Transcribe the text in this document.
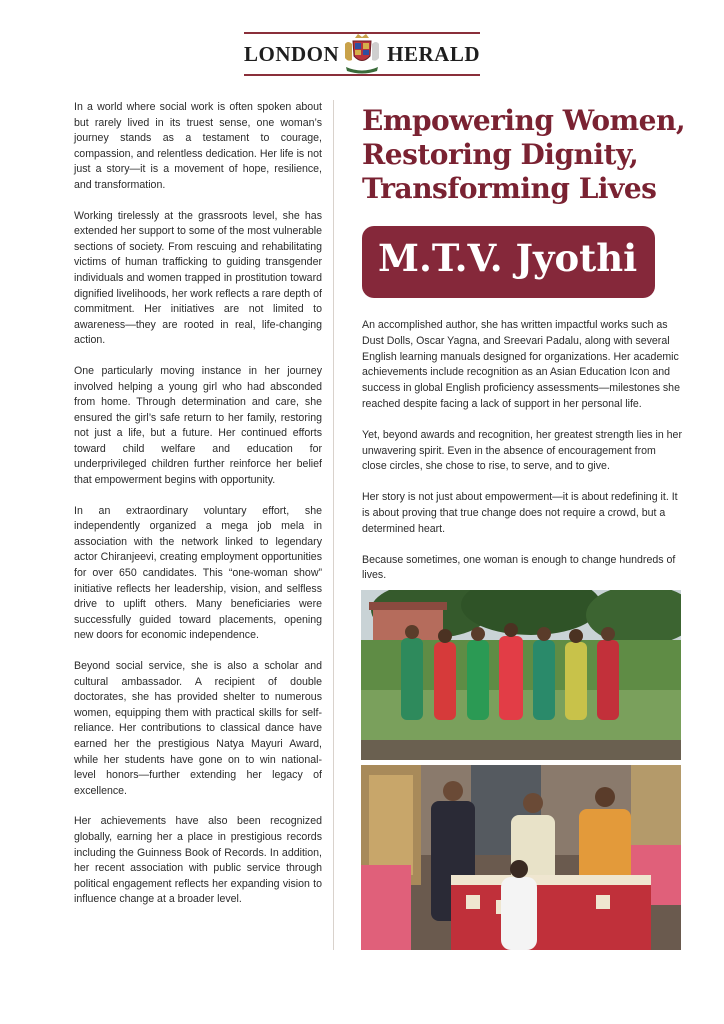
LONDON HERALD

In a world where social work is often spoken about but rarely lived in its truest sense, one woman’s journey stands as a testament to courage, compassion, and relentless dedication. Her life is not just a story—it is a movement of hope, resilience, and transformation.

Working tirelessly at the grassroots level, she has extended her support to some of the most vulnerable sections of society. From rescuing and rehabilitating victims of human trafficking to guiding transgender individuals and women trapped in prostitution toward dignified livelihoods, her work reflects a rare depth of commitment. Her initiatives are not limited to awareness—they are rooted in real, life-changing action.

One particularly moving instance in her journey involved helping a young girl who had absconded from home. Through determination and care, she ensured the girl’s safe return to her family, restoring not just a life, but a future. Her continued efforts toward child welfare and education for underprivileged children further reinforce her belief that empowerment begins with opportunity.

In an extraordinary voluntary effort, she independently organized a mega job mela in association with the network linked to legendary actor Chiranjeevi, creating employment opportunities for over 650 candidates. This “one-woman show” initiative reflects her leadership, vision, and selfless drive to uplift others. Many beneficiaries were successfully guided toward placements, opening new doors for economic independence.

Beyond social service, she is also a scholar and cultural ambassador. A recipient of double doctorates, she has provided shelter to numerous women, equipping them with practical skills for self-reliance. Her contributions to classical dance have earned her the prestigious Natya Mayuri Award, while her students have gone on to win national-level honors—further extending her legacy of excellence.

Her achievements have also been recognized globally, earning her a place in prestigious records including the Guinness Book of Records. In addition, her recent association with public service through political engagement reflects her expanding vision to influence change at a broader level.

Empowering Women,
Restoring Dignity,
Transforming Lives
M.T.V. Jyothi

An accomplished author, she has written impactful works such as Dust Dolls, Oscar Yagna, and Sreevari Padalu, along with several English learning manuals designed for organizations. Her academic achievements include recognition as an Asian Education Icon and success in global English proficiency assessments—milestones she reached despite facing a lack of support in her personal life.

Yet, beyond awards and recognition, her greatest strength lies in her unwavering spirit. Even in the absence of encouragement from close circles, she chose to rise, to serve, and to give.

Her story is not just about empowerment—it is about redefining it. It is about proving that true change does not require a crowd, but a determined heart.

Because sometimes, one woman is enough to change hundreds of lives.
